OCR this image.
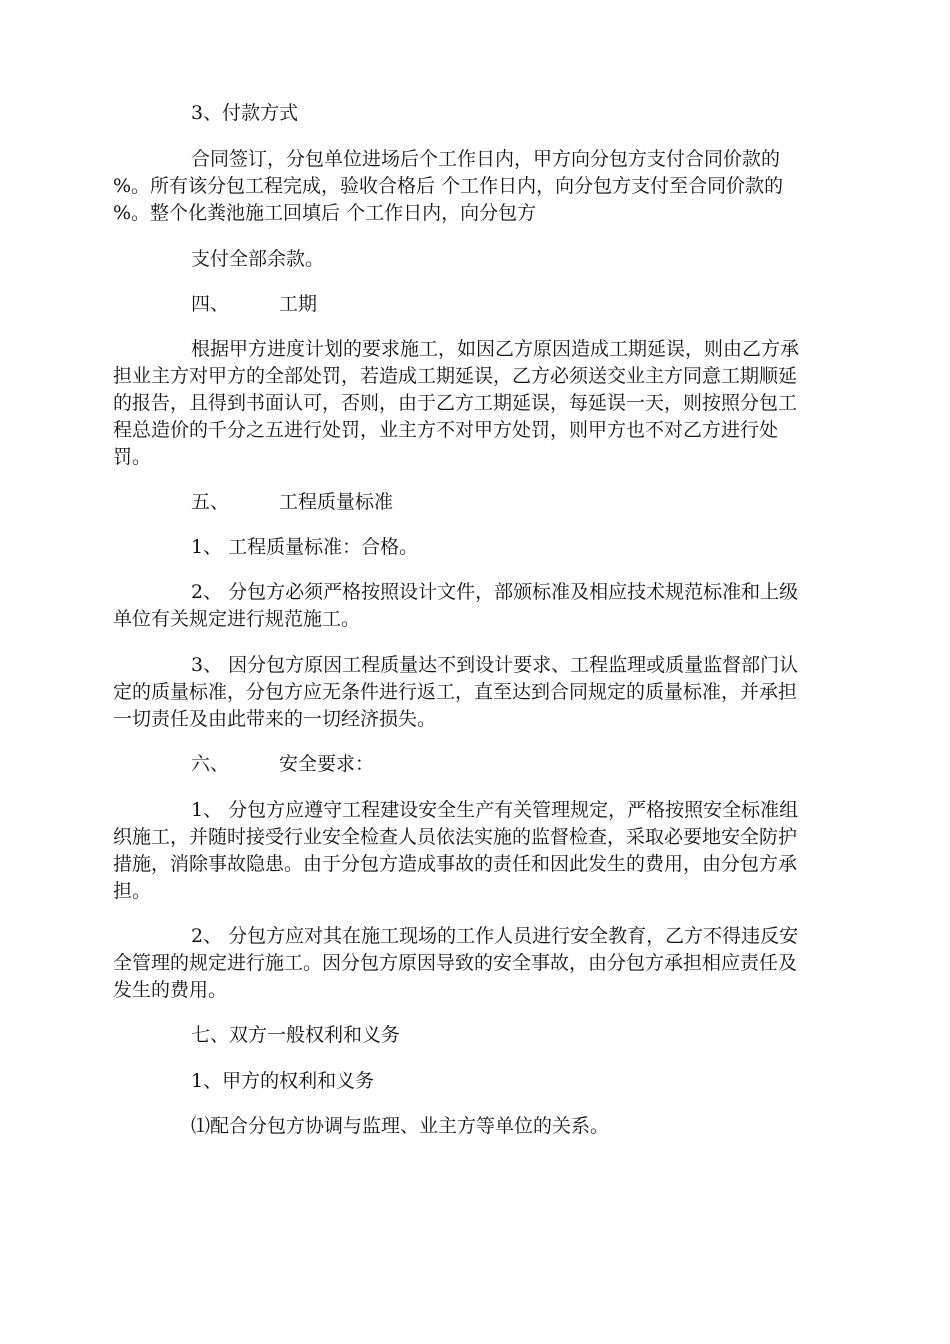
3、付款方式

合同签订，分包单位进场后个工作日内，甲方向分包方支付合同价款的

%。所有该分包工程完成，验收合格后 个工作日内，向分包方支付至合同价款的

%。整个化粪池施工回填后 个工作日内，向分包方

支付全部余款。

四、	工期

根据甲方进度计划的要求施工，如因乙方原因造成工期延误，则由乙方承

担业主方对甲方的全部处罚，若造成工期延误，乙方必须送交业主方同意工期顺延

的报告，且得到书面认可，否则，由于乙方工期延误，每延误一天，则按照分包工

程总造价的千分之五进行处罚，业主方不对甲方处罚，则甲方也不对乙方进行处

罚。

五、	工程质量标准

1、 工程质量标准：合格。

2、 分包方必须严格按照设计文件，部颁标准及相应技术规范标准和上级

单位有关规定进行规范施工。

3、 因分包方原因工程质量达不到设计要求、工程监理或质量监督部门认

定的质量标准，分包方应无条件进行返工，直至达到合同规定的质量标准，并承担

一切责任及由此带来的一切经济损失。

六、	安全要求：

1、 分包方应遵守工程建设安全生产有关管理规定，严格按照安全标准组

织施工，并随时接受行业安全检查人员依法实施的监督检查，采取必要地安全防护

措施，消除事故隐患。由于分包方造成事故的责任和因此发生的费用，由分包方承

担。

2、 分包方应对其在施工现场的工作人员进行安全教育，乙方不得违反安

全管理的规定进行施工。因分包方原因导致的安全事故，由分包方承担相应责任及

发生的费用。

七、双方一般权利和义务

1、甲方的权利和义务

⑴配合分包方协调与监理、业主方等单位的关系。
